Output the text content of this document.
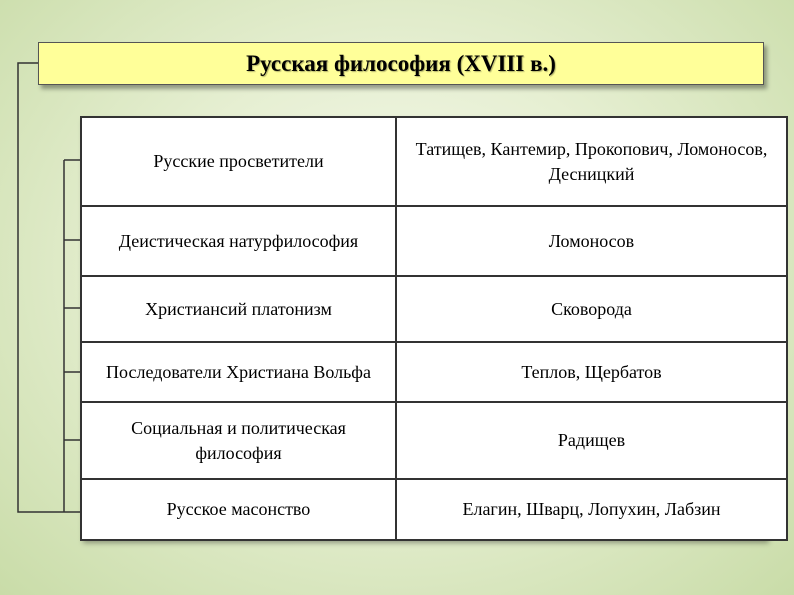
Русская философия (XVIII в.)
Русские просветители	Татищев, Кантемир, Прокопович, Ломоносов, Десницкий
Деистическая натурфилософия	Ломоносов
Христиансий платонизм	Сковорода
Последователи Христиана Вольфа	Теплов, Щербатов
Социальная и политическая философия	Радищев
Русское масонство	Елагин, Шварц, Лопухин, Лабзин
